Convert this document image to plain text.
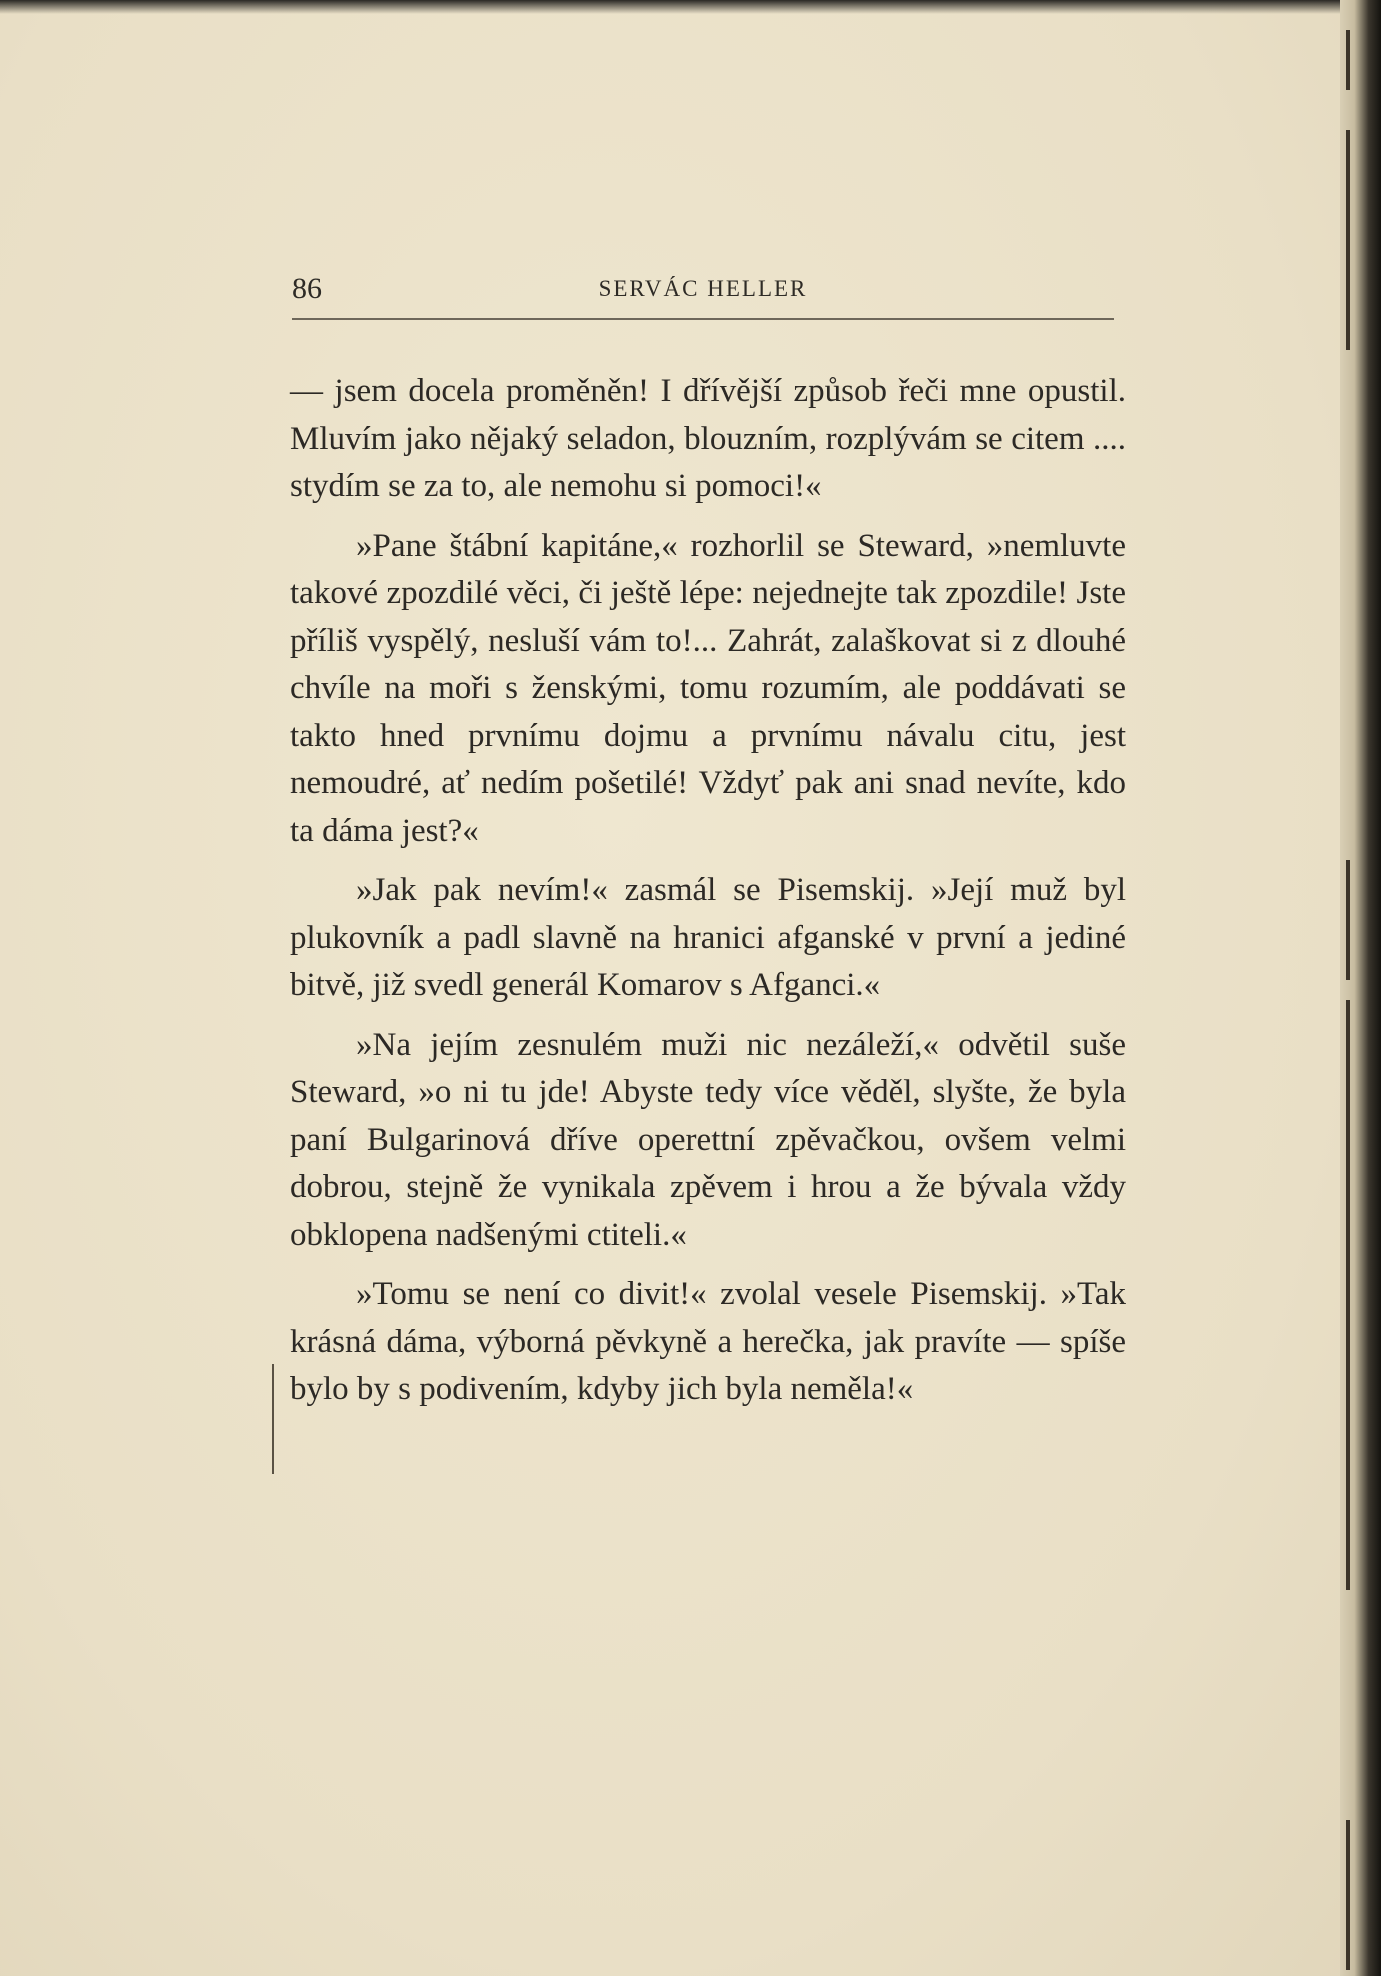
86	SERVÁC HELLER

— jsem docela proměněn! I dřívější způsob řeči mne opustil. Mluvím jako nějaký seladon, blouzním, rozplývám se citem .... stydím se za to, ale nemohu si pomoci!«

»Pane štábní kapitáne,« rozhorlil se Steward, »nemluvte takové zpozdilé věci, či ještě lépe: nejednejte tak zpozdile! Jste příliš vyspělý, nesluší vám to!... Zahrát, zalaškovat si z dlouhé chvíle na moři s ženskými, tomu rozumím, ale poddávati se takto hned prvnímu dojmu a prvnímu návalu citu, jest nemoudré, ať nedím pošetilé! Vždyť pak ani snad nevíte, kdo ta dáma jest?«

»Jak pak nevím!« zasmál se Pisemskij. »Její muž byl plukovník a padl slavně na hranici afganské v první a jediné bitvě, již svedl generál Komarov s Afganci.«

»Na jejím zesnulém muži nic nezáleží,« odvětil suše Steward, »o ni tu jde! Abyste tedy více věděl, slyšte, že byla paní Bulgarinová dříve operettní zpěvačkou, ovšem velmi dobrou, stejně že vynikala zpěvem i hrou a že bývala vždy obklopena nadšenými ctiteli.«

»Tomu se není co divit!« zvolal vesele Pisemskij. »Tak krásná dáma, výborná pěvkyně a herečka, jak pravíte — spíše bylo by s podivením, kdyby jich byla neměla!«
